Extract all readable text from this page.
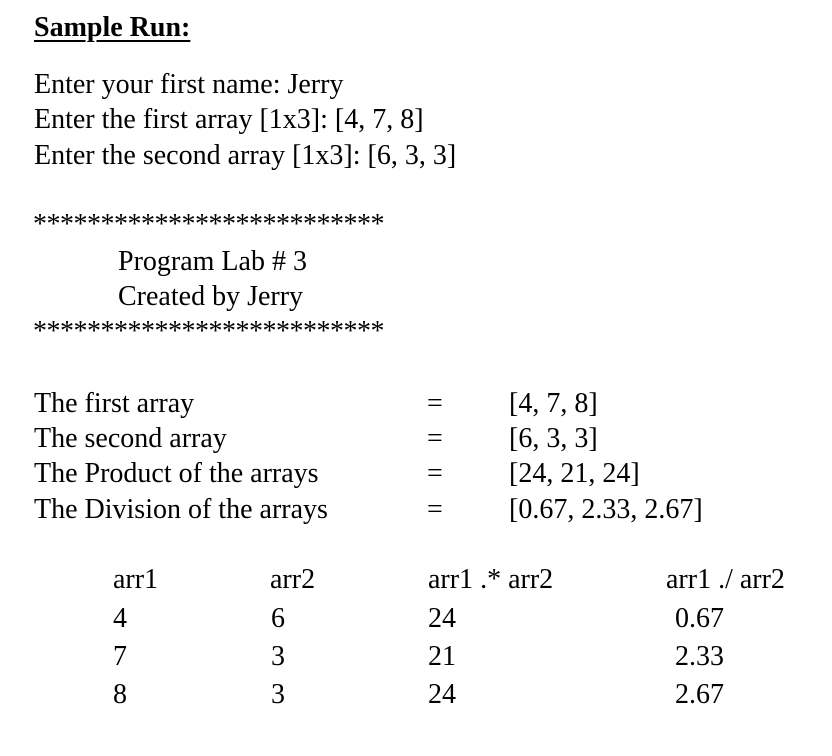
Sample Run:
Enter your first name: Jerry
Enter the first array [1x3]: [4, 7, 8]
Enter the second array [1x3]: [6, 3, 3]
**************************
Program Lab # 3
Created by Jerry
**************************
The first array	= [4, 7, 8]
The second array	= [6, 3, 3]
The Product of the arrays	= [24, 21, 24]
The Division of the arrays	= [0.67, 2.33, 2.67]
arr1	arr2	arr1 .* arr2	arr1 ./ arr2
4	6	24	0.67
7	3	21	2.33
8	3	24	2.67
